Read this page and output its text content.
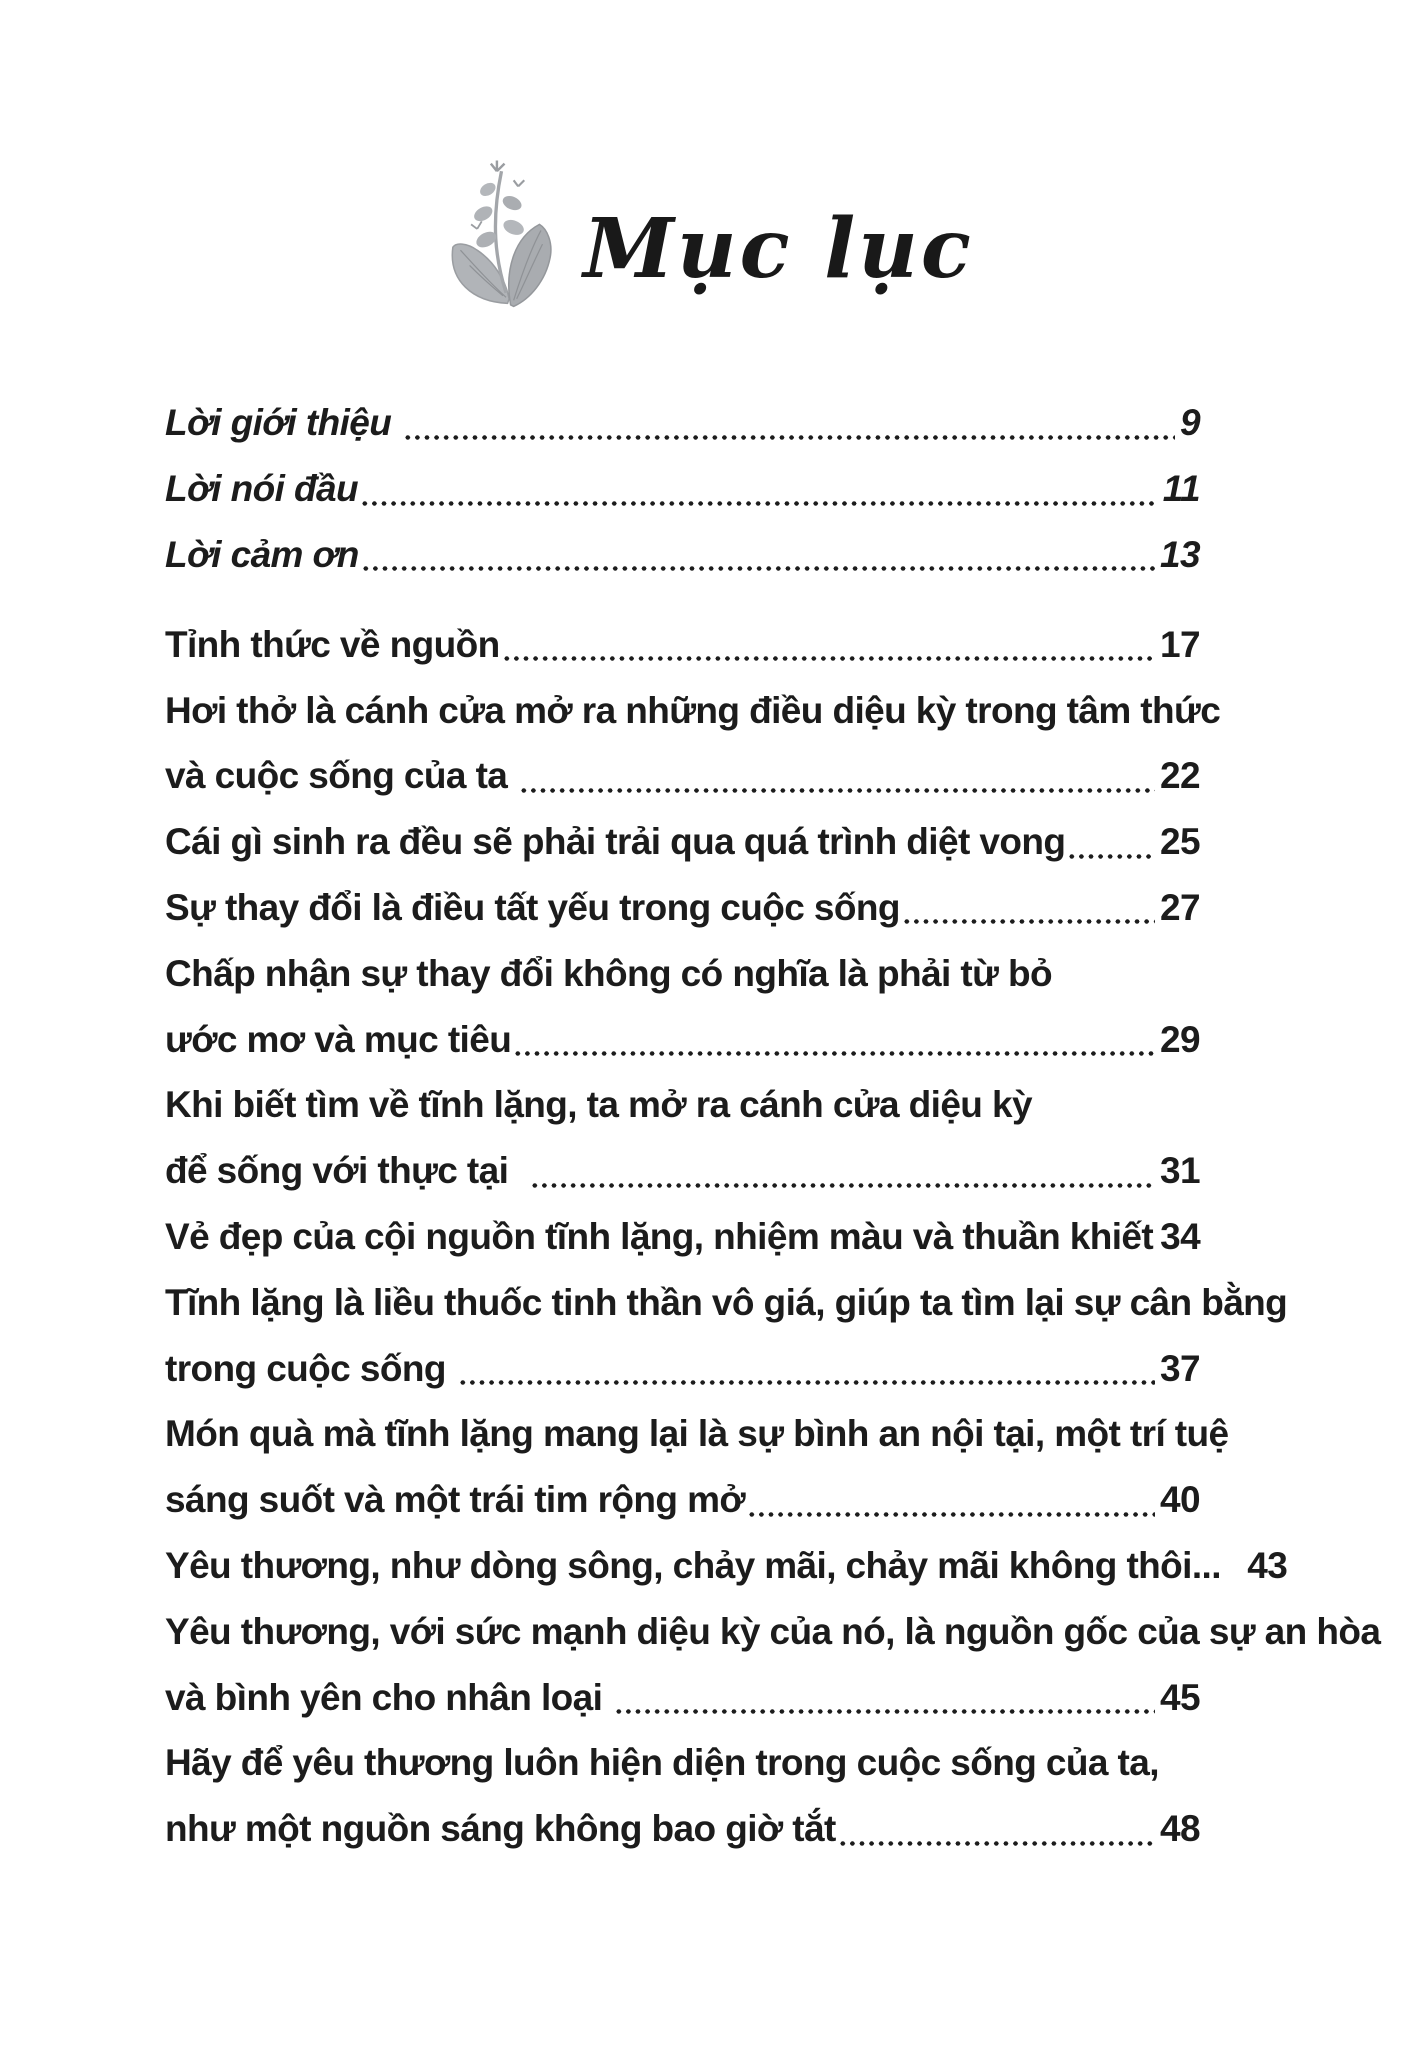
Mục lục
Lời giới thiệu	9
Lời nói đầu	11
Lời cảm ơn	13
Tỉnh thức về nguồn	17
Hơi thở là cánh cửa mở ra những điều diệu kỳ trong tâm thức
và cuộc sống của ta	22
Cái gì sinh ra đều sẽ phải trải qua quá trình diệt vong	25
Sự thay đổi là điều tất yếu trong cuộc sống	27
Chấp nhận sự thay đổi không có nghĩa là phải từ bỏ
ước mơ và mục tiêu	29
Khi biết tìm về tĩnh lặng, ta mở ra cánh cửa diệu kỳ
để sống với thực tại	31
Vẻ đẹp của cội nguồn tĩnh lặng, nhiệm màu và thuần khiết 34
Tĩnh lặng là liều thuốc tinh thần vô giá, giúp ta tìm lại sự cân bằng
trong cuộc sống	37
Món quà mà tĩnh lặng mang lại là sự bình an nội tại, một trí tuệ
sáng suốt và một trái tim rộng mở	40
Yêu thương, như dòng sông, chảy mãi, chảy mãi không thôi... 43
Yêu thương, với sức mạnh diệu kỳ của nó, là nguồn gốc của sự an hòa
và bình yên cho nhân loại	45
Hãy để yêu thương luôn hiện diện trong cuộc sống của ta,
như một nguồn sáng không bao giờ tắt	48
